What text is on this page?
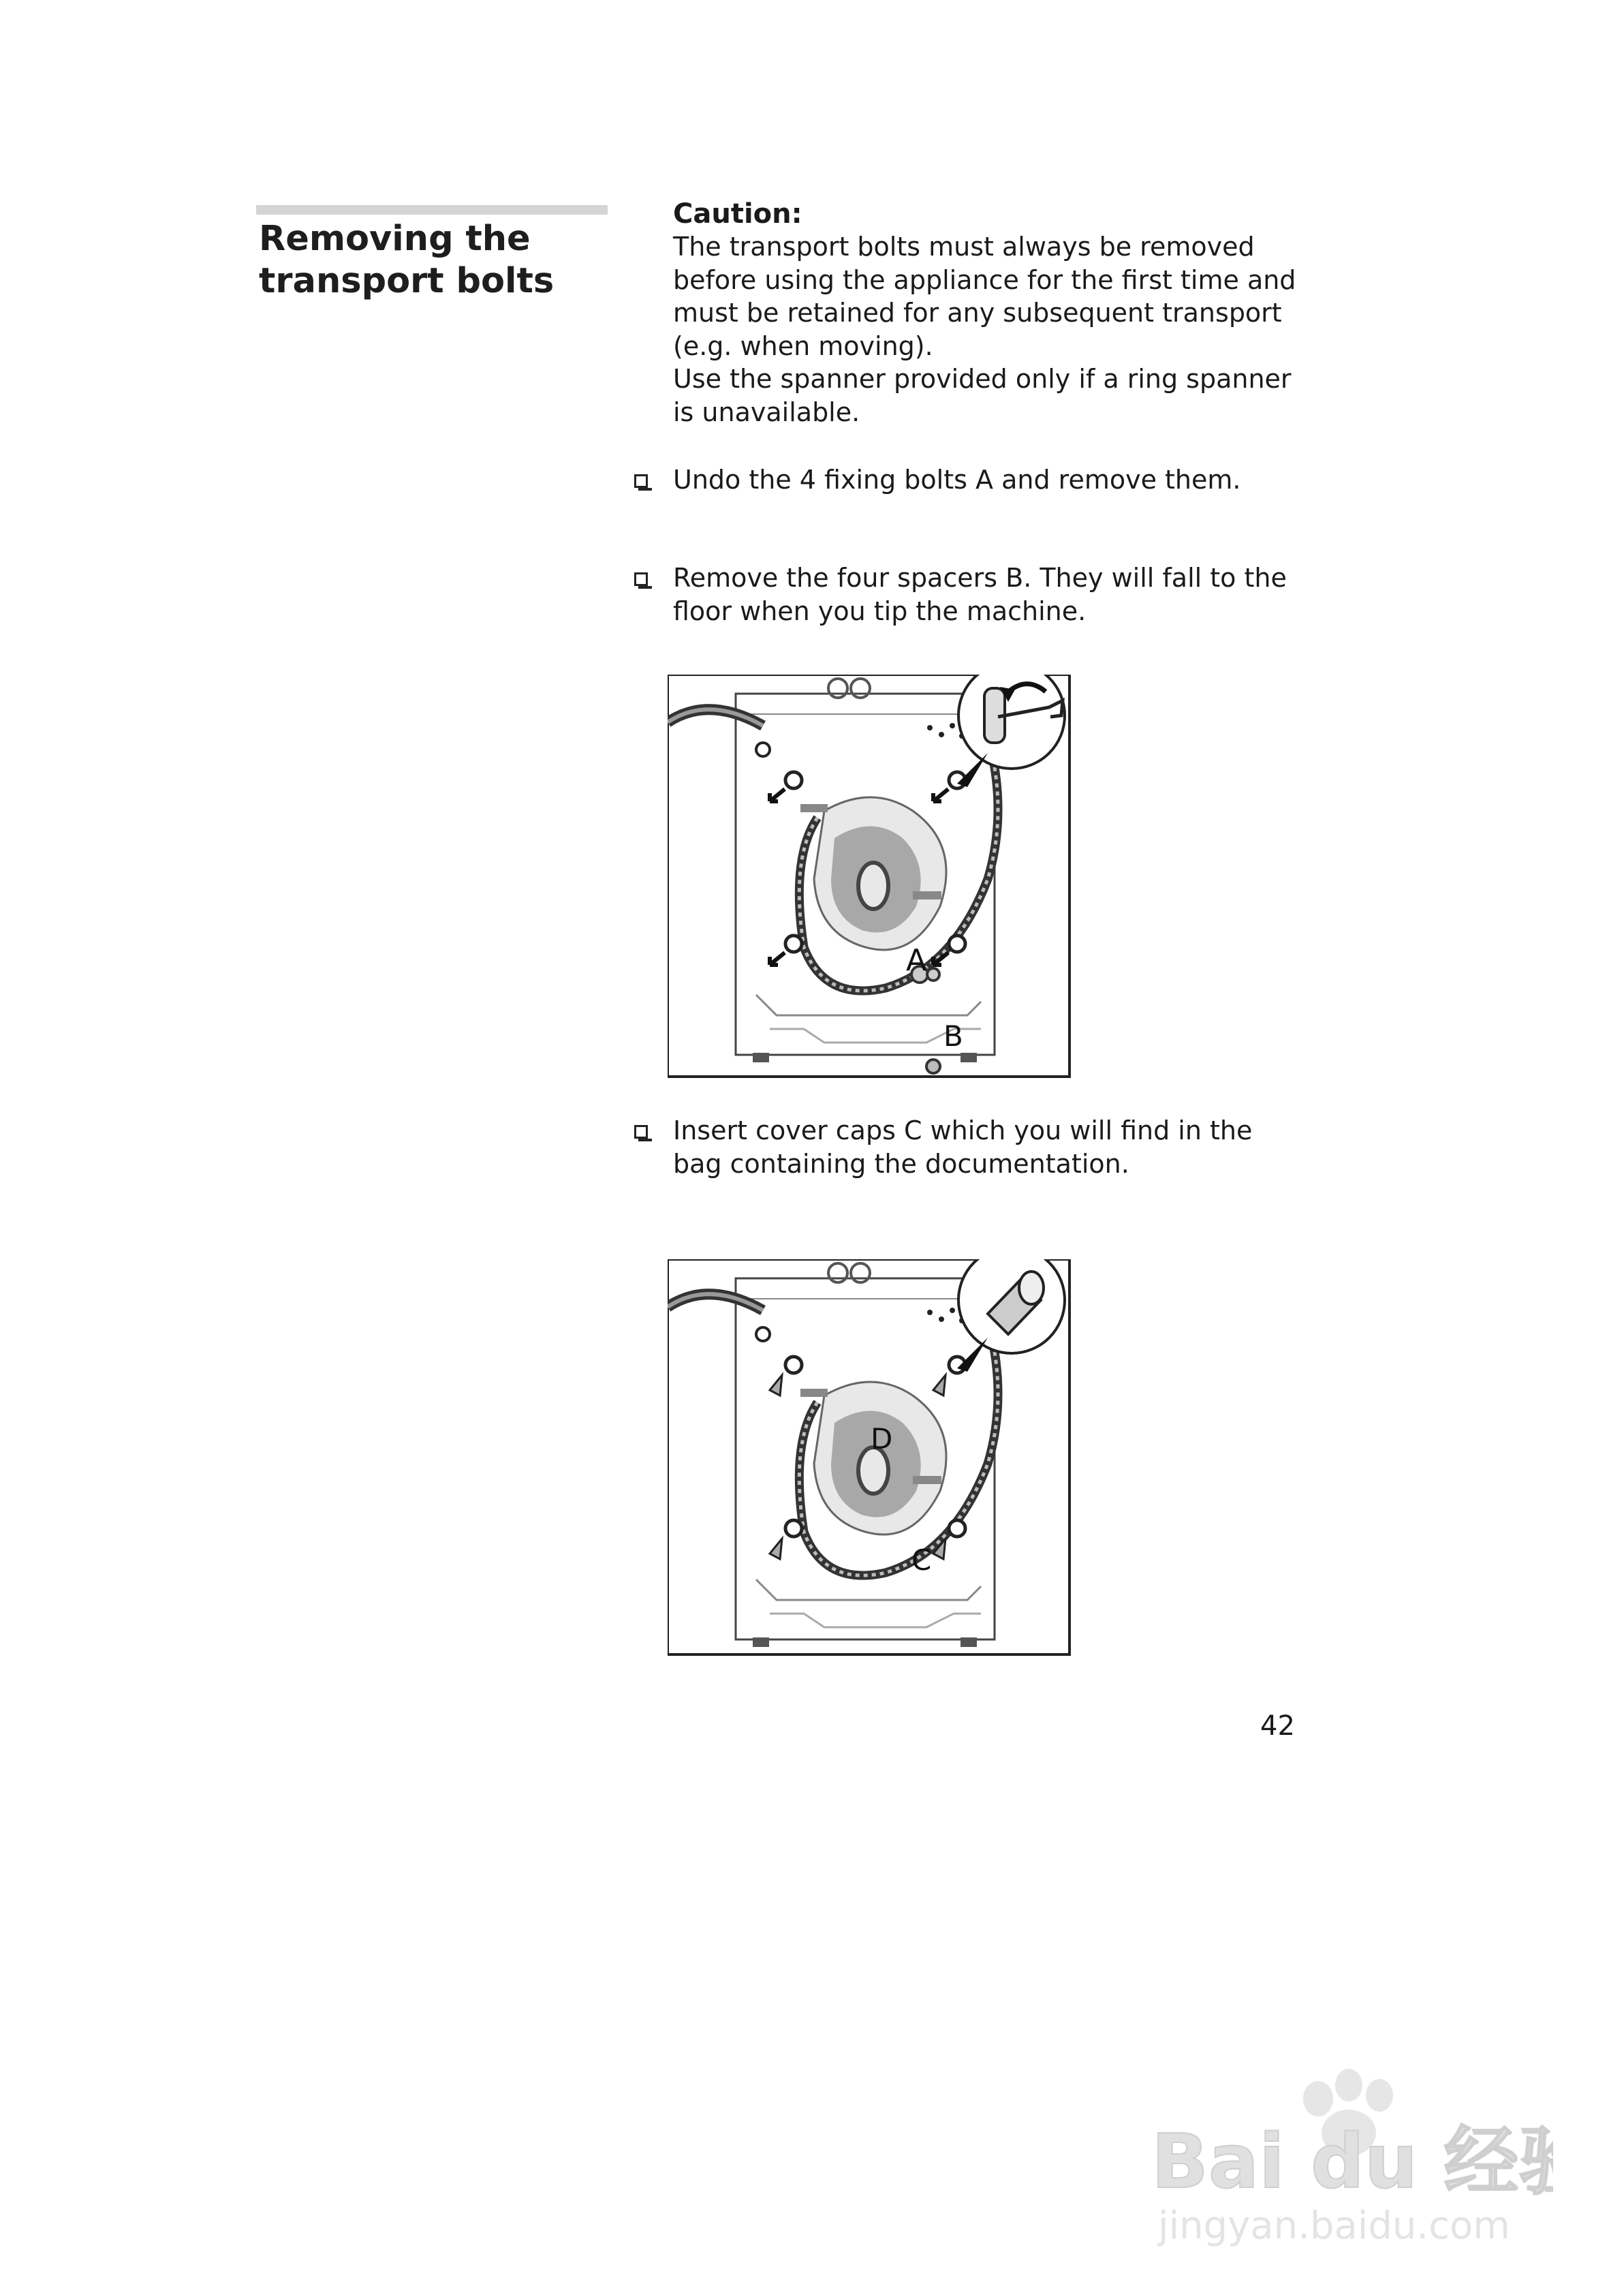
Removing the
transport bolts
Caution:
The transport bolts must always be removed
before using the appliance for the first time and
must be retained for any subsequent transport
(e.g. when moving).
Use the spanner provided only if a ring spanner
is unavailable.
Undo the 4 fixing bolts A and remove them.
Remove the four spacers B. They will fall to the
floor when you tip the machine.
A
B
Insert cover caps C which you will find in the
bag containing the documentation.
D
C
42
Bai du 经验
jingyan.baidu.com
